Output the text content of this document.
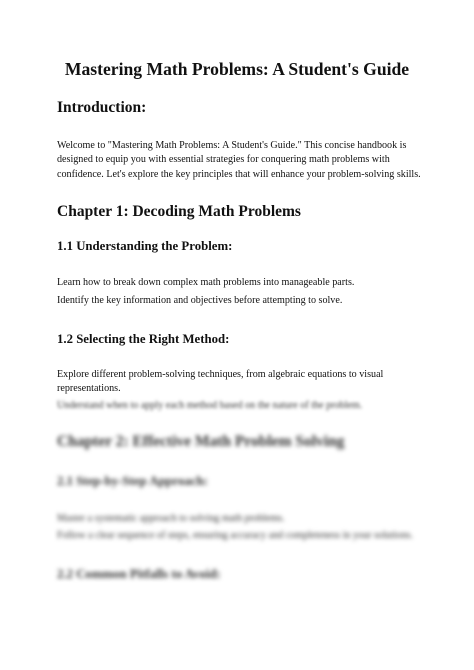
Mastering Math Problems: A Student's Guide
Introduction:

Welcome to "Mastering Math Problems: A Student's Guide." This concise handbook is designed to equip you with essential strategies for conquering math problems with confidence. Let's explore the key principles that will enhance your problem-solving skills.

Chapter 1: Decoding Math Problems
1.1 Understanding the Problem:

Learn how to break down complex math problems into manageable parts.

Identify the key information and objectives before attempting to solve.

1.2 Selecting the Right Method:

Explore different problem-solving techniques, from algebraic equations to visual representations.

Understand when to apply each method based on the nature of the problem.

Chapter 2: Effective Math Problem Solving
2.1 Step-by-Step Approach:

Master a systematic approach to solving math problems.

Follow a clear sequence of steps, ensuring accuracy and completeness in your solutions.

2.2 Common Pitfalls to Avoid:
